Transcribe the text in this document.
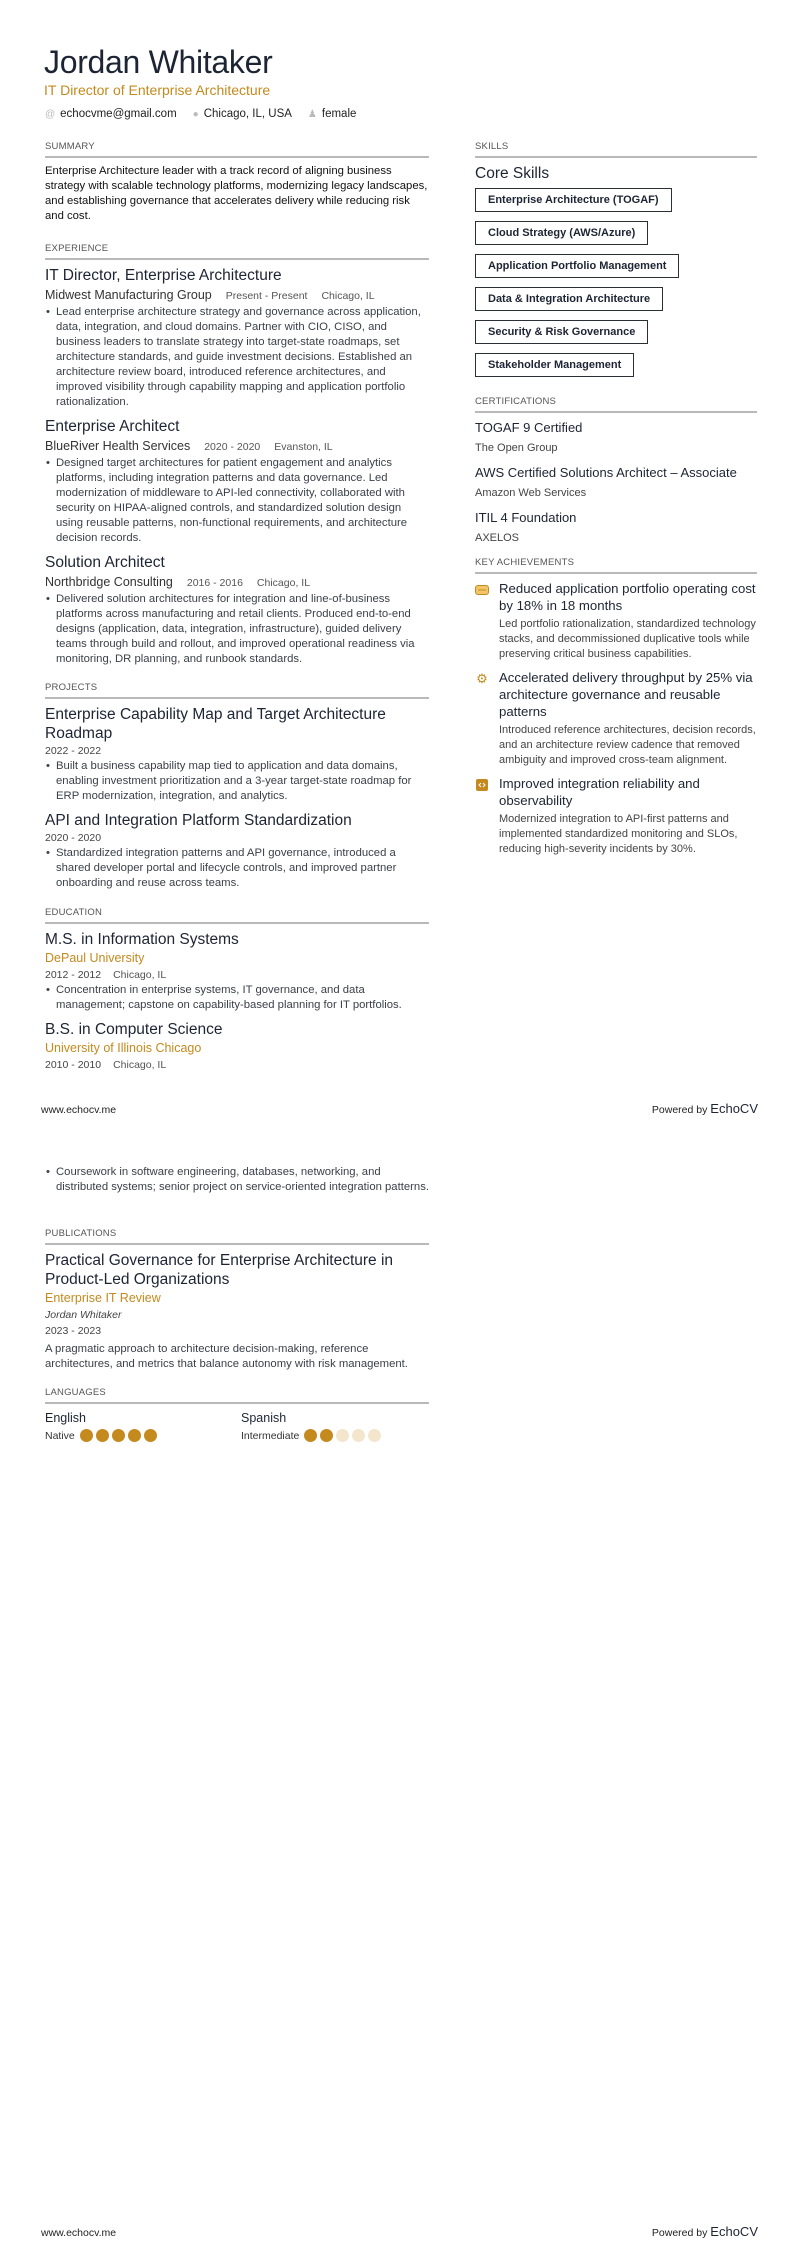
Jordan Whitaker
IT Director of Enterprise Architecture
@ echocvme@gmail.com ● Chicago, IL, USA ♟ female
SUMMARY
Enterprise Architecture leader with a track record of aligning business strategy with scalable technology platforms, modernizing legacy landscapes, and establishing governance that accelerates delivery while reducing risk and cost.
EXPERIENCE
IT Director, Enterprise Architecture
Midwest Manufacturing Group Present - Present Chicago, IL
• Lead enterprise architecture strategy and governance across application, data, integration, and cloud domains. Partner with CIO, CISO, and business leaders to translate strategy into target-state roadmaps, set architecture standards, and guide investment decisions. Established an architecture review board, introduced reference architectures, and improved visibility through capability mapping and application portfolio rationalization.
Enterprise Architect
BlueRiver Health Services 2020 - 2020 Evanston, IL
• Designed target architectures for patient engagement and analytics platforms, including integration patterns and data governance. Led modernization of middleware to API-led connectivity, collaborated with security on HIPAA-aligned controls, and standardized solution design using reusable patterns, non-functional requirements, and architecture decision records.
Solution Architect
Northbridge Consulting 2016 - 2016 Chicago, IL
• Delivered solution architectures for integration and line-of-business platforms across manufacturing and retail clients. Produced end-to-end designs (application, data, integration, infrastructure), guided delivery teams through build and rollout, and improved operational readiness via monitoring, DR planning, and runbook standards.
PROJECTS
Enterprise Capability Map and Target Architecture Roadmap
2022 - 2022
• Built a business capability map tied to application and data domains, enabling investment prioritization and a 3-year target-state roadmap for ERP modernization, integration, and analytics.
API and Integration Platform Standardization
2020 - 2020
• Standardized integration patterns and API governance, introduced a shared developer portal and lifecycle controls, and improved partner onboarding and reuse across teams.
EDUCATION
M.S. in Information Systems
DePaul University
2012 - 2012 Chicago, IL
• Concentration in enterprise systems, IT governance, and data management; capstone on capability-based planning for IT portfolios.
B.S. in Computer Science
University of Illinois Chicago
2010 - 2010 Chicago, IL
SKILLS
Core Skills
Enterprise Architecture (TOGAF)
Cloud Strategy (AWS/Azure)
Application Portfolio Management
Data & Integration Architecture
Security & Risk Governance
Stakeholder Management
CERTIFICATIONS
TOGAF 9 Certified
The Open Group
AWS Certified Solutions Architect – Associate
Amazon Web Services
ITIL 4 Foundation
AXELOS
KEY ACHIEVEMENTS
Reduced application portfolio operating cost by 18% in 18 months
Led portfolio rationalization, standardized technology stacks, and decommissioned duplicative tools while preserving critical business capabilities.
⚙ Accelerated delivery throughput by 25% via architecture governance and reusable patterns
Introduced reference architectures, decision records, and an architecture review cadence that removed ambiguity and improved cross-team alignment.
Improved integration reliability and observability
Modernized integration to API-first patterns and implemented standardized monitoring and SLOs, reducing high-severity incidents by 30%.
www.echocv.me	Powered by EchoCV
• Coursework in software engineering, databases, networking, and distributed systems; senior project on service-oriented integration patterns.
PUBLICATIONS
Practical Governance for Enterprise Architecture in Product-Led Organizations
Enterprise IT Review
Jordan Whitaker
2023 - 2023
A pragmatic approach to architecture decision-making, reference architectures, and metrics that balance autonomy with risk management.
LANGUAGES
English
Native
Spanish
Intermediate
www.echocv.me	Powered by EchoCV
